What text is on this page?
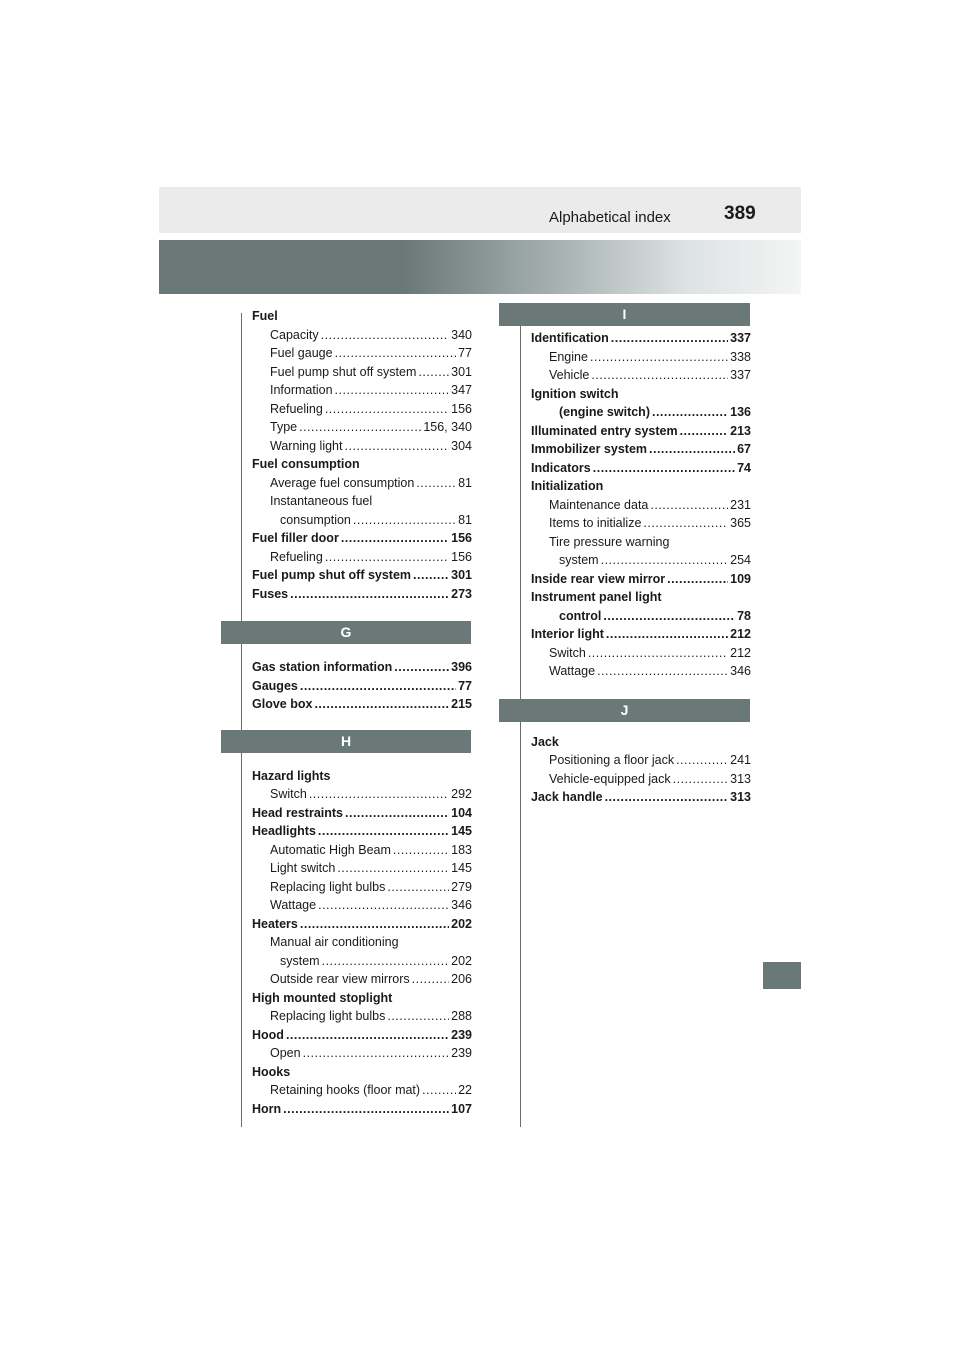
Alphabetical index	389
Fuel
Capacity .....	340
Fuel gauge .....	77
Fuel pump shut off system .....	301
Information .....	347
Refueling .....	156
Type .....	156, 340
Warning light .....	304
Fuel consumption
Average fuel consumption .....	81
Instantaneous fuel
consumption .....	81
Fuel filler door .....	156
Refueling .....	156
Fuel pump shut off system .....	301
Fuses .....	273
G
Gas station information .....	396
Gauges .....	77
Glove box .....	215
H
Hazard lights
Switch .....	292
Head restraints .....	104
Headlights .....	145
Automatic High Beam .....	183
Light switch .....	145
Replacing light bulbs .....	279
Wattage .....	346
Heaters .....	202
Manual air conditioning
system .....	202
Outside rear view mirrors .....	206
High mounted stoplight
Replacing light bulbs .....	288
Hood .....	239
Open .....	239
Hooks
Retaining hooks (floor mat) .....	22
Horn .....	107
I
Identification .....	337
Engine .....	338
Vehicle .....	337
Ignition switch
(engine switch) .....	136
Illuminated entry system .....	213
Immobilizer system .....	67
Indicators .....	74
Initialization
Maintenance data .....	231
Items to initialize .....	365
Tire pressure warning
system .....	254
Inside rear view mirror .....	109
Instrument panel light
control .....	78
Interior light .....	212
Switch .....	212
Wattage .....	346
J
Jack
Positioning a floor jack .....	241
Vehicle-equipped jack .....	313
Jack handle .....	313
